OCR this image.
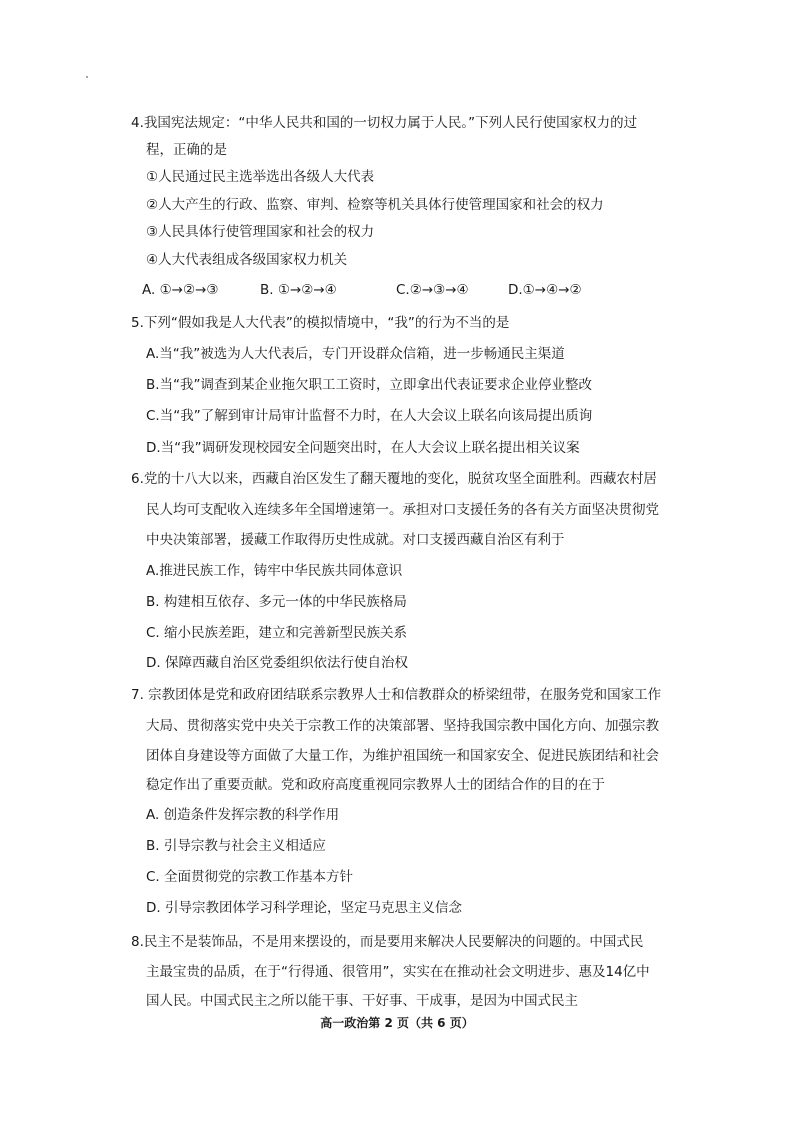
4.我国宪法规定：“中华人民共和国的一切权力属于人民。”下列人民行使国家权力的过
程，正确的是
①人民通过民主选举选出各级人大代表
②人大产生的行政、监察、审判、检察等机关具体行使管理国家和社会的权力
③人民具体行使管理国家和社会的权力
④人大代表组成各级国家权力机关
A. ①→②→③	B. ①→②→④	C.②→③→④	D.①→④→②
5.下列“假如我是人大代表”的模拟情境中，“我”的行为不当的是
A.当“我”被选为人大代表后，专门开设群众信箱，进一步畅通民主渠道
B.当“我”调查到某企业拖欠职工工资时，立即拿出代表证要求企业停业整改
C.当“我”了解到审计局审计监督不力时，在人大会议上联名向该局提出质询
D.当“我”调研发现校园安全问题突出时，在人大会议上联名提出相关议案
6.党的十八大以来，西藏自治区发生了翻天覆地的变化，脱贫攻坚全面胜利。西藏农村居
民人均可支配收入连续多年全国增速第一。承担对口支援任务的各有关方面坚决贯彻党
中央决策部署，援藏工作取得历史性成就。对口支援西藏自治区有利于
A.推进民族工作，铸牢中华民族共同体意识
B. 构建相互依存、多元一体的中华民族格局
C. 缩小民族差距，建立和完善新型民族关系
D. 保障西藏自治区党委组织依法行使自治权
7. 宗教团体是党和政府团结联系宗教界人士和信教群众的桥梁纽带，在服务党和国家工作
大局、贯彻落实党中央关于宗教工作的决策部署、坚持我国宗教中国化方向、加强宗教
团体自身建设等方面做了大量工作，为维护祖国统一和国家安全、促进民族团结和社会
稳定作出了重要贡献。党和政府高度重视同宗教界人士的团结合作的目的在于
A. 创造条件发挥宗教的科学作用
B. 引导宗教与社会主义相适应
C. 全面贯彻党的宗教工作基本方针
D. 引导宗教团体学习科学理论，坚定马克思主义信念
8.民主不是装饰品，不是用来摆设的，而是要用来解决人民要解决的问题的。中国式民
主最宝贵的品质，在于“行得通、很管用”，实实在在推动社会文明进步、惠及14亿中
国人民。中国式民主之所以能干事、干好事、干成事，是因为中国式民主
高一政治第 2 页（共 6 页）
